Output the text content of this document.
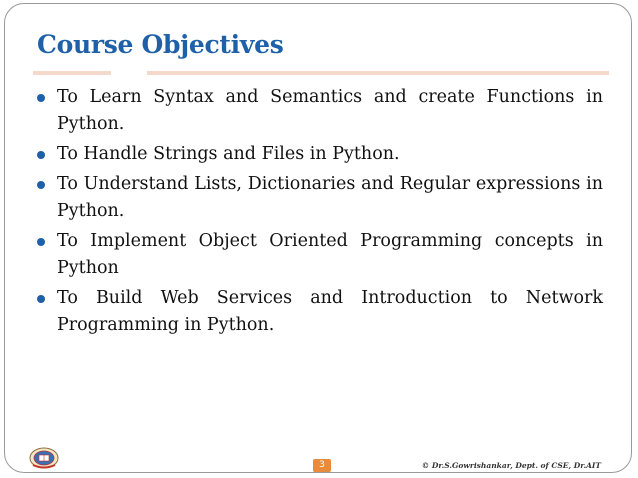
Course Objectives
To Learn Syntax and Semantics and create Functions in Python.
To Handle Strings and Files in Python.
To Understand Lists, Dictionaries and Regular expressions in Python.
To Implement Object Oriented Programming concepts in Python
To Build Web Services and Introduction to Network Programming in Python.
3	© Dr.S.Gowrishankar, Dept. of CSE, Dr.AIT
